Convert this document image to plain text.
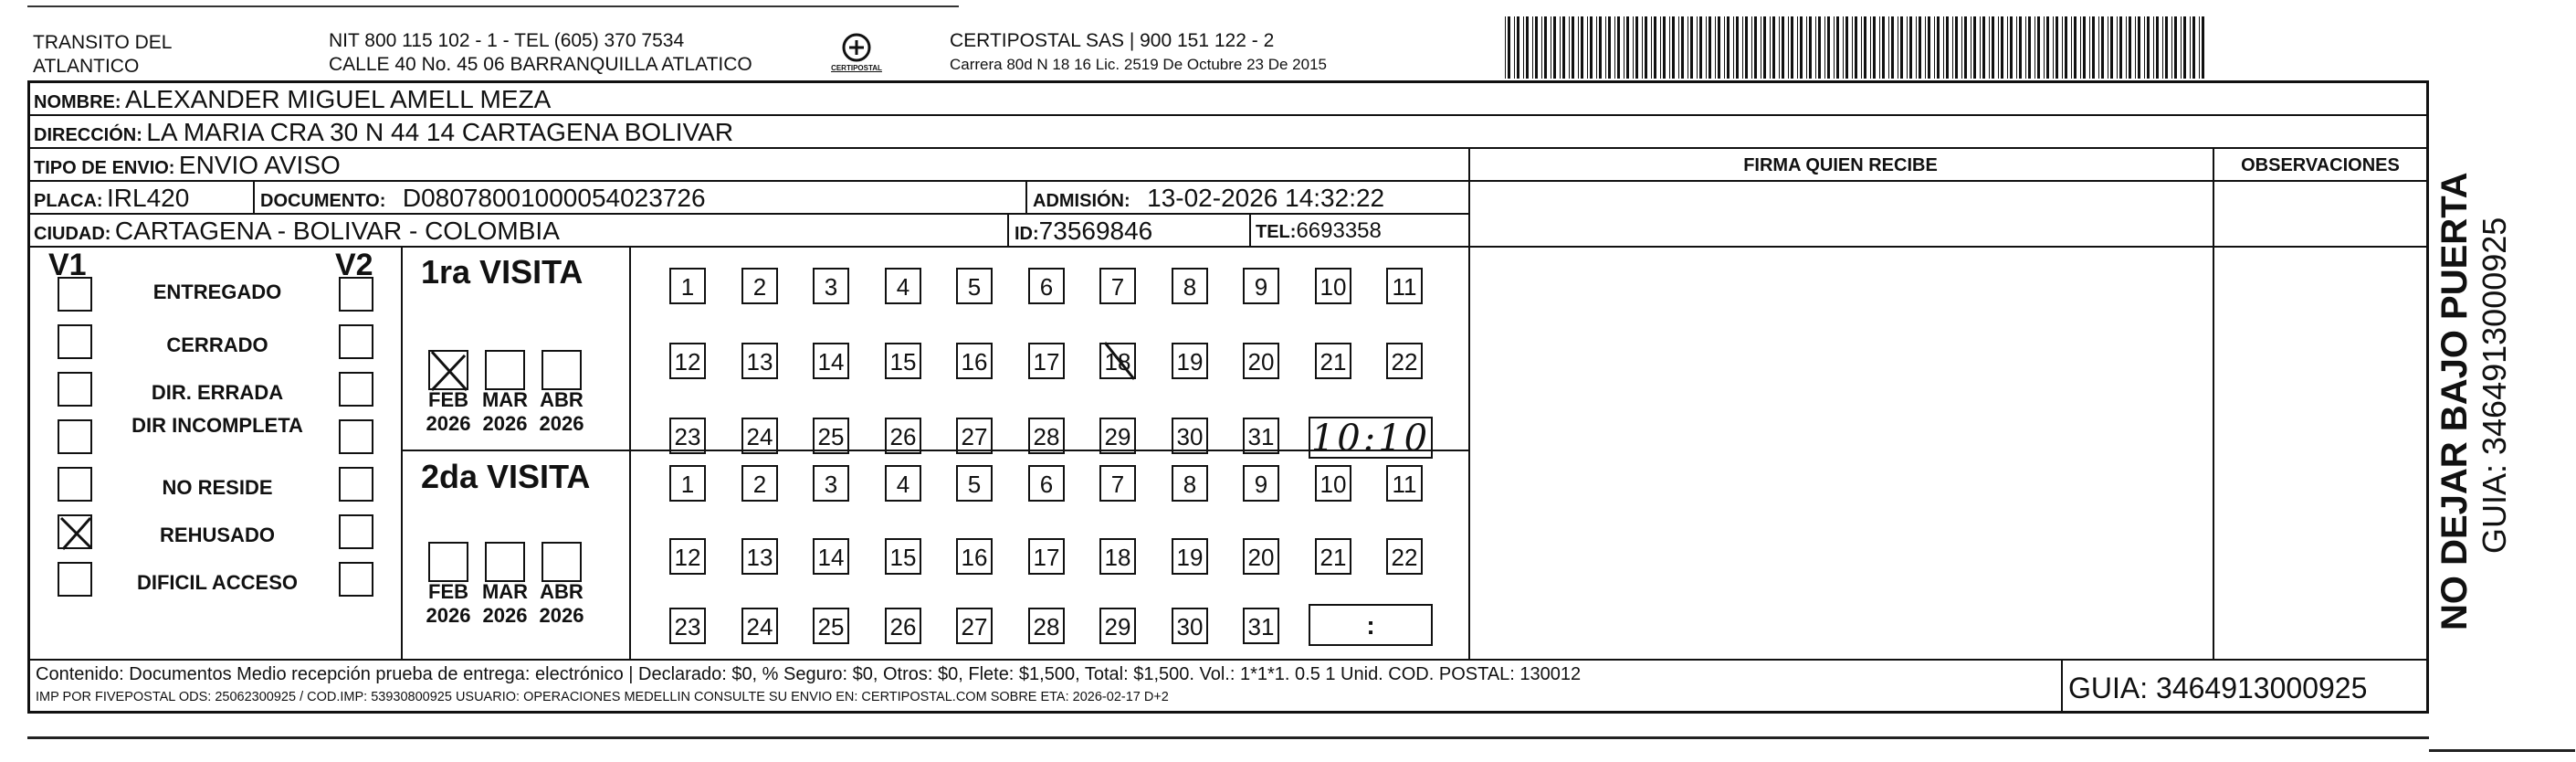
TRANSITO DEL
ATLANTICO
NIT 800 115 102 - 1 - TEL (605) 370 7534
CALLE 40 No. 45 06 BARRANQUILLA ATLATICO	CERTIPOSTAL
CERTIPOSTAL SAS | 900 151 122 - 2
Carrera 80d N 18 16 Lic. 2519 De Octubre 23 De 2015
NOMBRE: ALEXANDER MIGUEL AMELL MEZA
DIRECCIÓN: LA MARIA CRA 30 N 44 14 CARTAGENA BOLIVAR
TIPO DE ENVIO: ENVIO AVISO	FIRMA QUIEN RECIBE	OBSERVACIONES
PLACA: IRL420	DOCUMENTO: D08078001000054023726	ADMISIÓN: 13-02-2026 14:32:22
CIUDAD: CARTAGENA - BOLIVAR - COLOMBIA	ID:73569846	TEL:6693358
V1	V2
ENTREGADO
CERRADO
DIR. ERRADA
DIR INCOMPLETA
NO RESIDE
REHUSADO
DIFICIL ACCESO
1ra VISITA
2da VISITA
FEB
2026
MAR
2026
ABR
2026
FEB
2026
MAR
2026
ABR
2026
1	2	3	4	5	6	7	8	9	10 11
12 13 14 15 16 17 18 19 20 21 22
23 24 25 26 27 28 29 30 31
1	2	3	4	5	6	7	8	9	10 11
12 13 14 15 16 17 18 19 20 21 22
23 24 25 26 27 28 29 30 31
10:10
:
Contenido: Documentos Medio recepción prueba de entrega: electrónico | Declarado: $0, % Seguro: $0, Otros: $0, Flete: $1,500, Total: $1,500. Vol.: 1*1*1. 0.5 1 Unid. COD. POSTAL: 130012
IMP POR FIVEPOSTAL ODS: 25062300925 / COD.IMP: 53930800925 USUARIO: OPERACIONES MEDELLIN CONSULTE SU ENVIO EN: CERTIPOSTAL.COM SOBRE ETA: 2026-02-17 D+2	GUIA: 3464913000925
NO DEJAR BAJO PUERTA GUIA: 3464913000925
